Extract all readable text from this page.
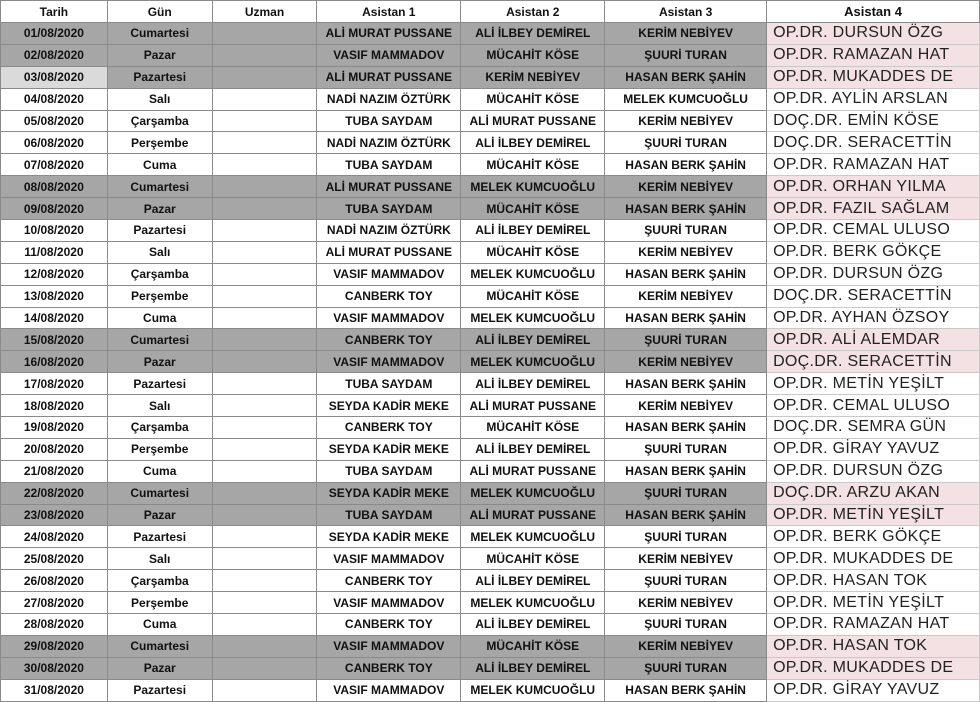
Tarih	Gün	Uzman	Asistan 1	Asistan 2	Asistan 3	Asistan 4
01/08/2020	Cumartesi		ALİ MURAT PUSSANE	ALİ İLBEY DEMİREL	KERİM NEBİYEV	OP.DR. DURSUN ÖZG
02/08/2020	Pazar		VASIF MAMMADOV	MÜCAHİT KÖSE	ŞUURİ TURAN	OP.DR. RAMAZAN HAT
03/08/2020	Pazartesi		ALİ MURAT PUSSANE	KERİM NEBİYEV	HASAN BERK ŞAHİN	OP.DR. MUKADDES DE
04/08/2020	Salı		NADİ NAZIM ÖZTÜRK	MÜCAHİT KÖSE	MELEK KUMCUOĞLU	OP.DR. AYLİN ARSLAN
05/08/2020	Çarşamba		TUBA SAYDAM	ALİ MURAT PUSSANE	KERİM NEBİYEV	DOÇ.DR. EMİN KÖSE
06/08/2020	Perşembe		NADİ NAZIM ÖZTÜRK	ALİ İLBEY DEMİREL	ŞUURİ TURAN	DOÇ.DR. SERACETTİN
07/08/2020	Cuma		TUBA SAYDAM	MÜCAHİT KÖSE	HASAN BERK ŞAHİN	OP.DR. RAMAZAN HAT
08/08/2020	Cumartesi		ALİ MURAT PUSSANE	MELEK KUMCUOĞLU	KERİM NEBİYEV	OP.DR. ORHAN YILMA
09/08/2020	Pazar		TUBA SAYDAM	MÜCAHİT KÖSE	HASAN BERK ŞAHİN	OP.DR. FAZIL SAĞLAM
10/08/2020	Pazartesi		NADİ NAZIM ÖZTÜRK	ALİ İLBEY DEMİREL	ŞUURİ TURAN	OP.DR. CEMAL ULUSO
11/08/2020	Salı		ALİ MURAT PUSSANE	MÜCAHİT KÖSE	KERİM NEBİYEV	OP.DR. BERK GÖKÇE
12/08/2020	Çarşamba		VASIF MAMMADOV	MELEK KUMCUOĞLU	HASAN BERK ŞAHİN	OP.DR. DURSUN ÖZG
13/08/2020	Perşembe		CANBERK TOY	MÜCAHİT KÖSE	KERİM NEBİYEV	DOÇ.DR. SERACETTİN
14/08/2020	Cuma		VASIF MAMMADOV	MELEK KUMCUOĞLU	HASAN BERK ŞAHİN	OP.DR. AYHAN ÖZSOY
15/08/2020	Cumartesi		CANBERK TOY	ALİ İLBEY DEMİREL	ŞUURİ TURAN	OP.DR. ALİ ALEMDAR
16/08/2020	Pazar		VASIF MAMMADOV	MELEK KUMCUOĞLU	KERİM NEBİYEV	DOÇ.DR. SERACETTİN
17/08/2020	Pazartesi		TUBA SAYDAM	ALİ İLBEY DEMİREL	HASAN BERK ŞAHİN	OP.DR. METİN YEŞİLT
18/08/2020	Salı		SEYDA KADİR MEKE	ALİ MURAT PUSSANE	KERİM NEBİYEV	OP.DR. CEMAL ULUSO
19/08/2020	Çarşamba		CANBERK TOY	MÜCAHİT KÖSE	HASAN BERK ŞAHİN	DOÇ.DR. SEMRA GÜN
20/08/2020	Perşembe		SEYDA KADİR MEKE	ALİ İLBEY DEMİREL	ŞUURİ TURAN	OP.DR. GİRAY YAVUZ
21/08/2020	Cuma		TUBA SAYDAM	ALİ MURAT PUSSANE	HASAN BERK ŞAHİN	OP.DR. DURSUN ÖZG
22/08/2020	Cumartesi		SEYDA KADİR MEKE	MELEK KUMCUOĞLU	ŞUURİ TURAN	DOÇ.DR. ARZU AKAN
23/08/2020	Pazar		TUBA SAYDAM	ALİ MURAT PUSSANE	HASAN BERK ŞAHİN	OP.DR. METİN YEŞİLT
24/08/2020	Pazartesi		SEYDA KADİR MEKE	MELEK KUMCUOĞLU	ŞUURİ TURAN	OP.DR. BERK GÖKÇE
25/08/2020	Salı		VASIF MAMMADOV	MÜCAHİT KÖSE	KERİM NEBİYEV	OP.DR. MUKADDES DE
26/08/2020	Çarşamba		CANBERK TOY	ALİ İLBEY DEMİREL	ŞUURİ TURAN	OP.DR. HASAN TOK
27/08/2020	Perşembe		VASIF MAMMADOV	MELEK KUMCUOĞLU	KERİM NEBİYEV	OP.DR. METİN YEŞİLT
28/08/2020	Cuma		CANBERK TOY	ALİ İLBEY DEMİREL	ŞUURİ TURAN	OP.DR. RAMAZAN HAT
29/08/2020	Cumartesi		VASIF MAMMADOV	MÜCAHİT KÖSE	KERİM NEBİYEV	OP.DR. HASAN TOK
30/08/2020	Pazar		CANBERK TOY	ALİ İLBEY DEMİREL	ŞUURİ TURAN	OP.DR. MUKADDES DE
31/08/2020	Pazartesi		VASIF MAMMADOV	MELEK KUMCUOĞLU	HASAN BERK ŞAHİN	OP.DR. GİRAY YAVUZ
